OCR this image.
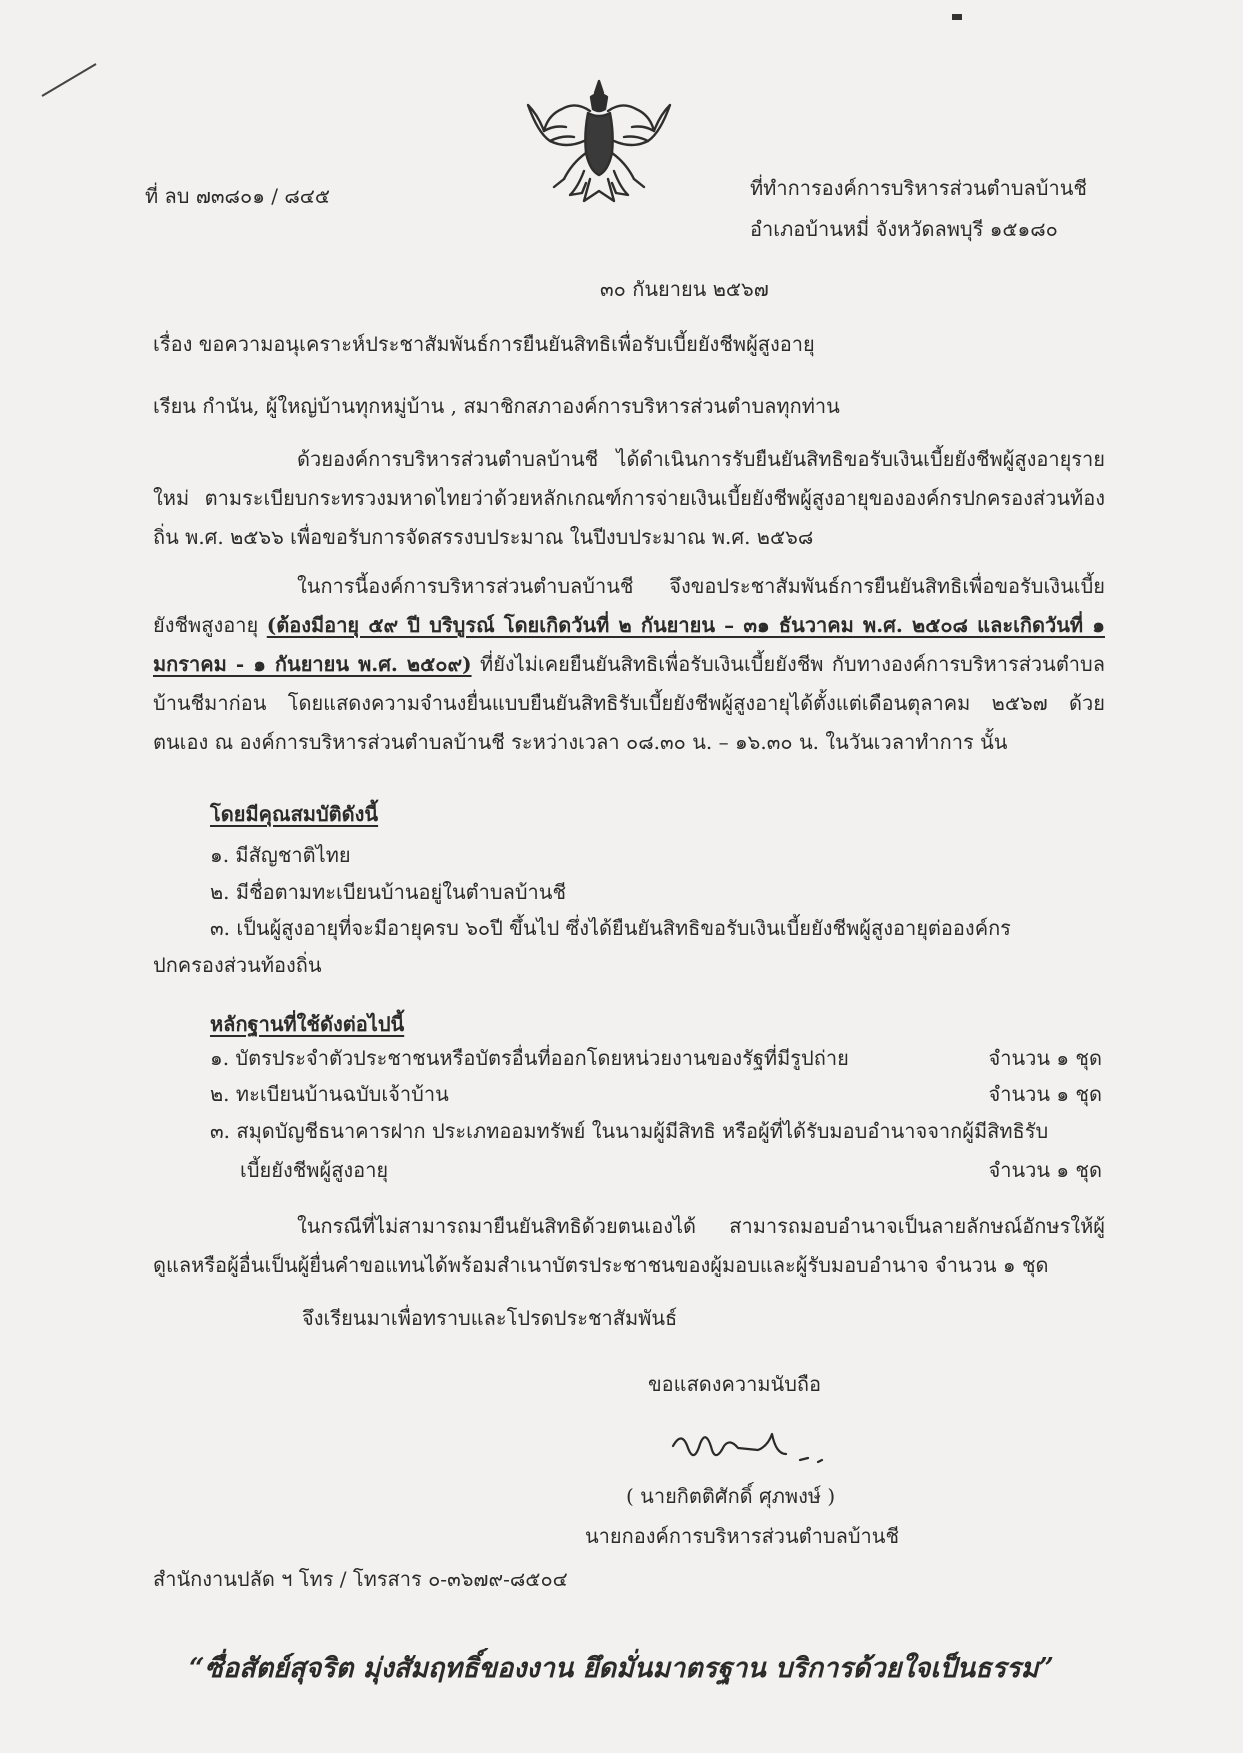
ที่ ลบ ๗๓๘๐๑ / ๘๔๕	ที่ทำการองค์การบริหารส่วนตำบลบ้านชี
อำเภอบ้านหมี่ จังหวัดลพบุรี ๑๕๑๘๐
๓๐ กันยายน ๒๕๖๗
เรื่อง ขอความอนุเคราะห์ประชาสัมพันธ์การยืนยันสิทธิเพื่อรับเบี้ยยังชีพผู้สูงอายุ
เรียน กำนัน, ผู้ใหญ่บ้านทุกหมู่บ้าน , สมาชิกสภาองค์การบริหารส่วนตำบลทุกท่าน
ด้วยองค์การบริหารส่วนตำบลบ้านชี ได้ดำเนินการรับยืนยันสิทธิขอรับเงินเบี้ยยังชีพผู้สูงอายุรายใหม่ ตามระเบียบกระทรวงมหาดไทยว่าด้วยหลักเกณฑ์การจ่ายเงินเบี้ยยังชีพผู้สูงอายุขององค์กรปกครองส่วนท้องถิ่น พ.ศ. ๒๕๖๖ เพื่อขอรับการจัดสรรงบประมาณ ในปีงบประมาณ พ.ศ. ๒๕๖๘
ในการนี้องค์การบริหารส่วนตำบลบ้านชี จึงขอประชาสัมพันธ์การยืนยันสิทธิเพื่อขอรับเงินเบี้ยยังชีพสูงอายุ (ต้องมีอายุ ๕๙ ปี บริบูรณ์ โดยเกิดวันที่ ๒ กันยายน – ๓๑ ธันวาคม พ.ศ. ๒๕๐๘ และเกิดวันที่ ๑ มกราคม - ๑ กันยายน พ.ศ. ๒๕๐๙) ที่ยังไม่เคยยืนยันสิทธิเพื่อรับเงินเบี้ยยังชีพ กับทางองค์การบริหารส่วนตำบลบ้านชีมาก่อน โดยแสดงความจำนงยื่นแบบยืนยันสิทธิรับเบี้ยยังชีพผู้สูงอายุได้ตั้งแต่เดือนตุลาคม ๒๕๖๗ ด้วยตนเอง ณ องค์การบริหารส่วนตำบลบ้านชี ระหว่างเวลา ๐๘.๓๐ น. – ๑๖.๓๐ น. ในวันเวลาทำการ นั้น
โดยมีคุณสมบัติดังนี้
๑. มีสัญชาติไทย
๒. มีชื่อตามทะเบียนบ้านอยู่ในตำบลบ้านชี
๓. เป็นผู้สูงอายุที่จะมีอายุครบ ๖๐ปี ขึ้นไป ซึ่งได้ยืนยันสิทธิขอรับเงินเบี้ยยังชีพผู้สูงอายุต่อองค์กร
ปกครองส่วนท้องถิ่น
หลักฐานที่ใช้ดังต่อไปนี้
๑. บัตรประจำตัวประชาชนหรือบัตรอื่นที่ออกโดยหน่วยงานของรัฐที่มีรูปถ่าย	จำนวน ๑ ชุด
๒. ทะเบียนบ้านฉบับเจ้าบ้าน	จำนวน ๑ ชุด
๓. สมุดบัญชีธนาคารฝาก ประเภทออมทรัพย์ ในนามผู้มีสิทธิ หรือผู้ที่ได้รับมอบอำนาจจากผู้มีสิทธิรับ
เบี้ยยังชีพผู้สูงอายุ	จำนวน ๑ ชุด
ในกรณีที่ไม่สามารถมายืนยันสิทธิด้วยตนเองได้ สามารถมอบอำนาจเป็นลายลักษณ์อักษรให้ผู้ดูแลหรือผู้อื่นเป็นผู้ยื่นคำขอแทนได้พร้อมสำเนาบัตรประชาชนของผู้มอบและผู้รับมอบอำนาจ จำนวน ๑ ชุด
จึงเรียนมาเพื่อทราบและโปรดประชาสัมพันธ์
ขอแสดงความนับถือ
( นายกิตติศักดิ์ ศุภพงษ์ )
นายกองค์การบริหารส่วนตำบลบ้านชี
สำนักงานปลัด ฯ โทร / โทรสาร ๐-๓๖๗๙-๘๕๐๔
“ซื่อสัตย์สุจริต มุ่งสัมฤทธิ์ของงาน ยึดมั่นมาตรฐาน บริการด้วยใจเป็นธรรม”
